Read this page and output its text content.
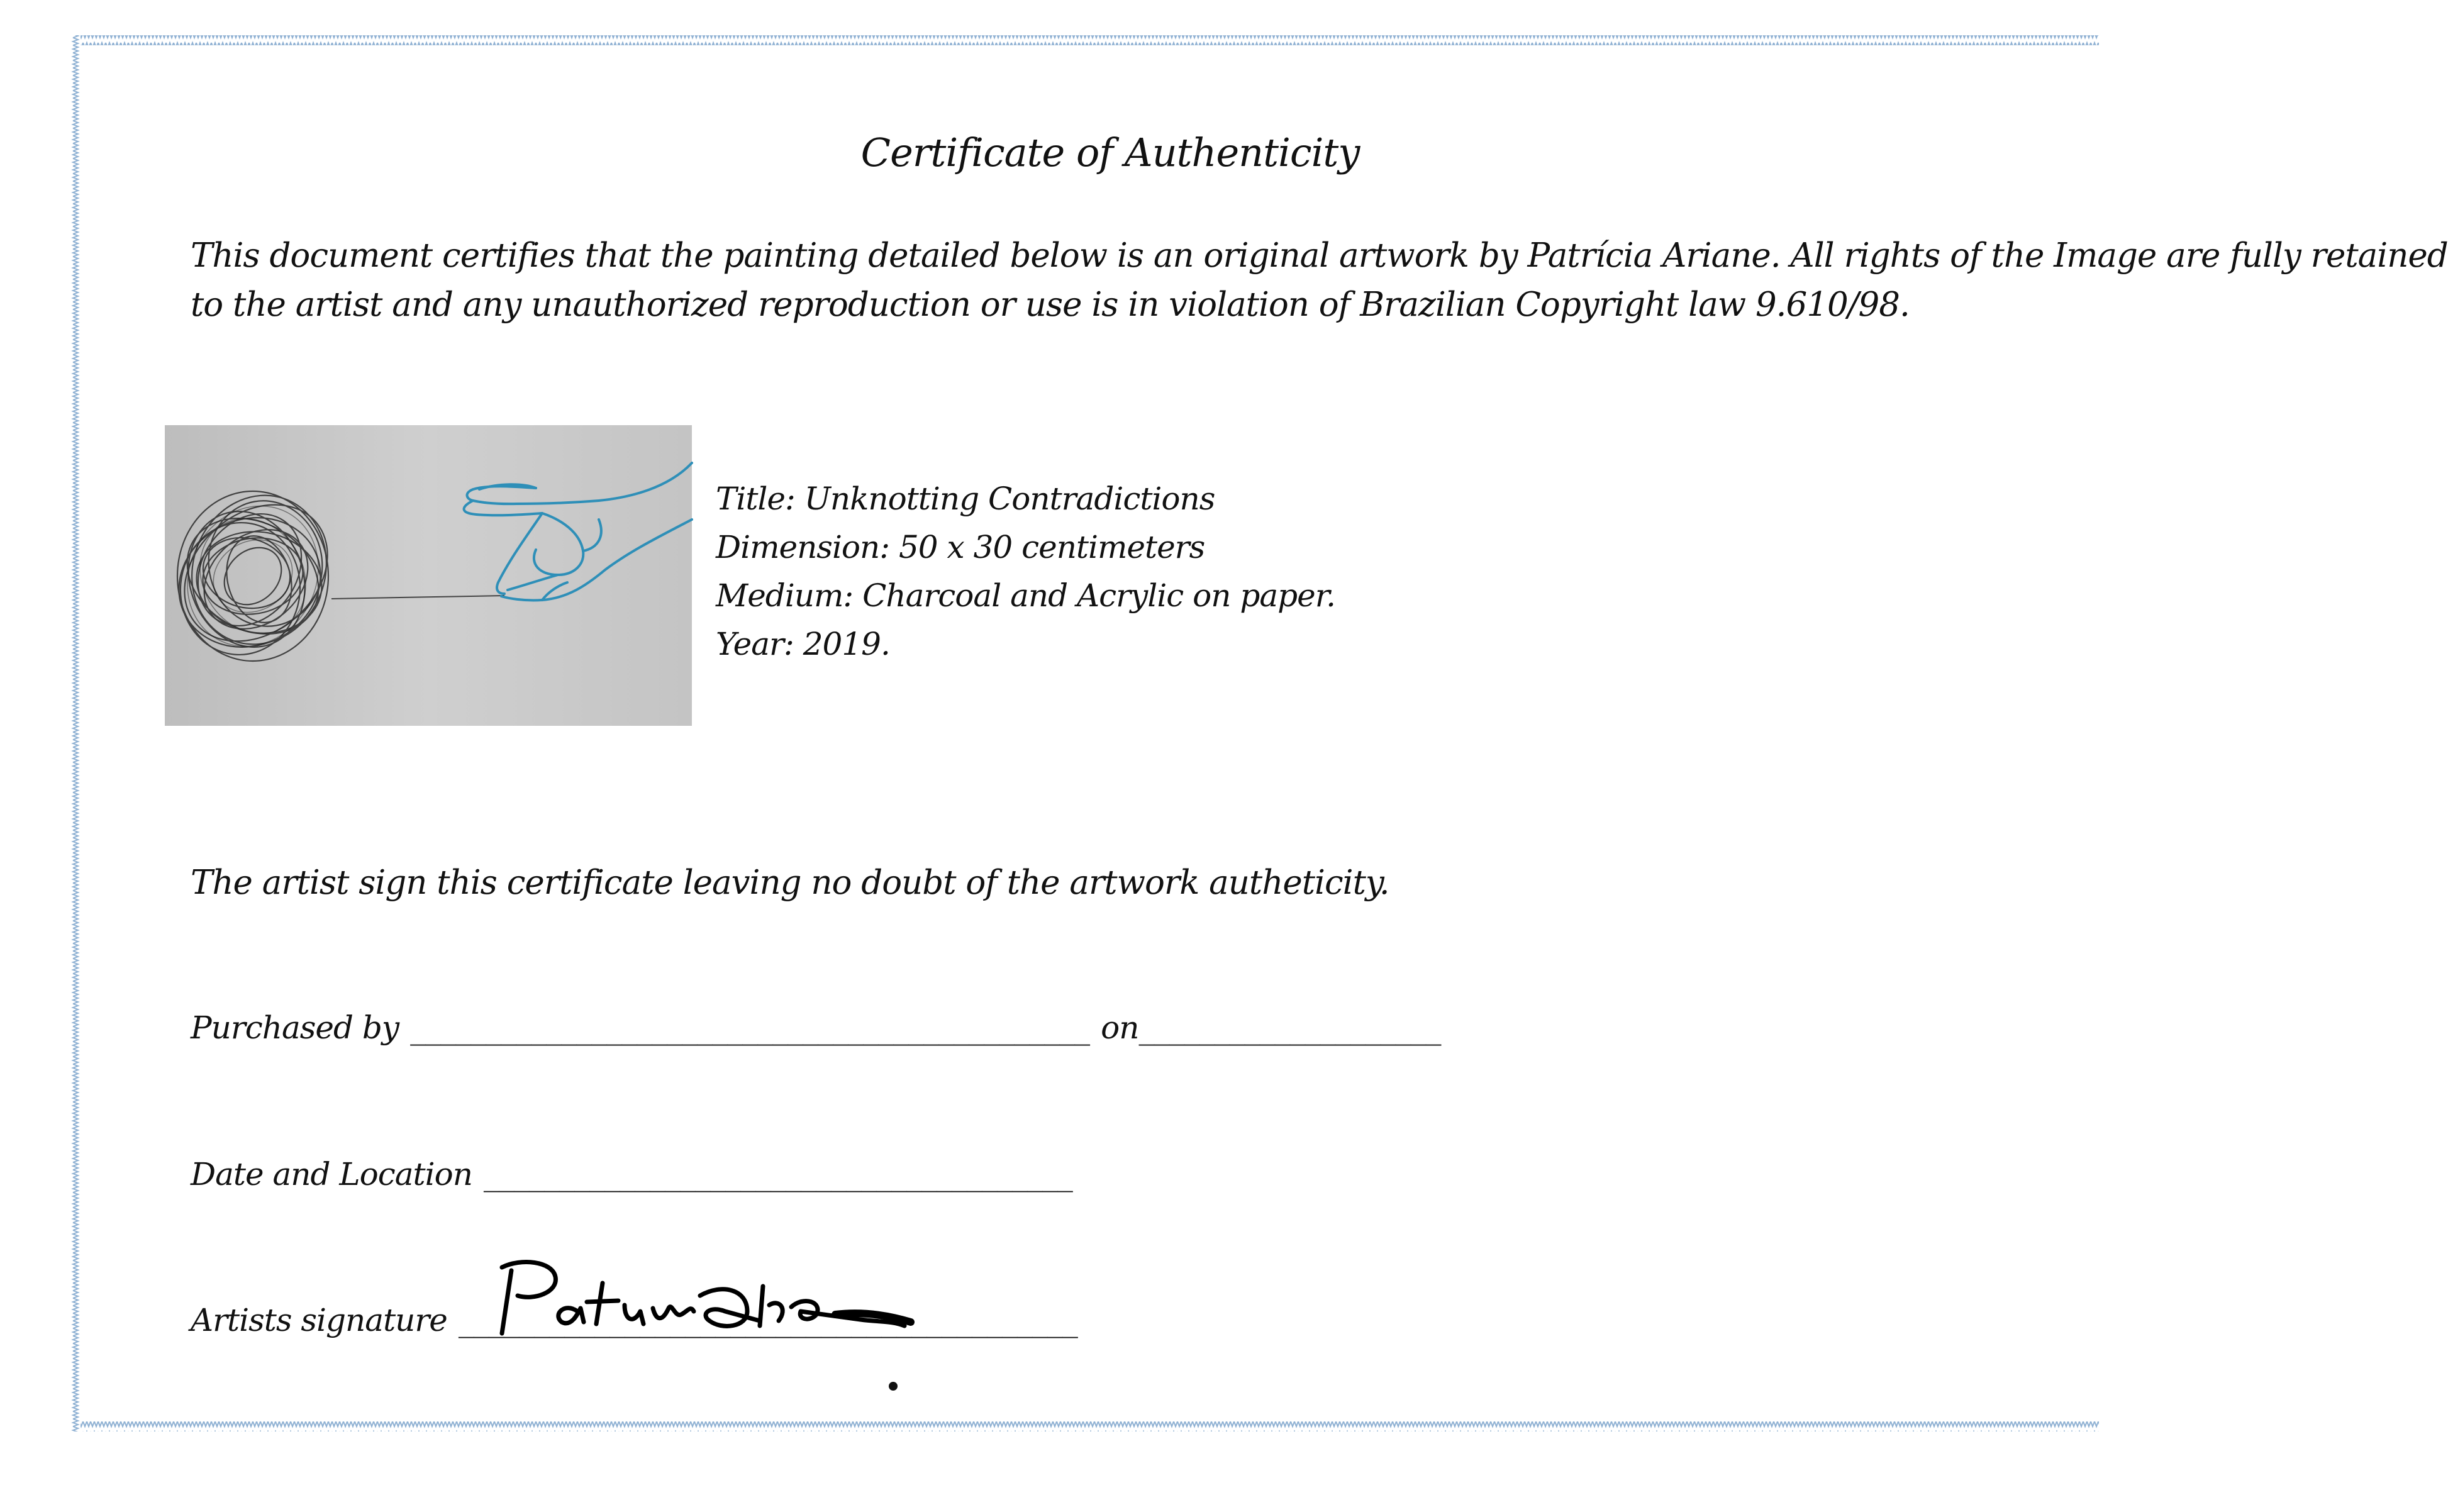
Certificate of Authenticity

This document certifies that the painting detailed below is an original artwork by Patrícia Ariane. All rights of the Image are fully retained
to the artist and any unauthorized reproduction or use is in violation of Brazilian Copyright law 9.610/98.

Title: Unknotting Contradictions
Dimension: 50 x 30 centimeters
Medium: Charcoal and Acrylic on paper.
Year: 2019.

The artist sign this certificate leaving no doubt of the artwork autheticity.

Purchased by _____________________________________________ on____________________
Date and Location _______________________________________
Artists signature _________________________________________
